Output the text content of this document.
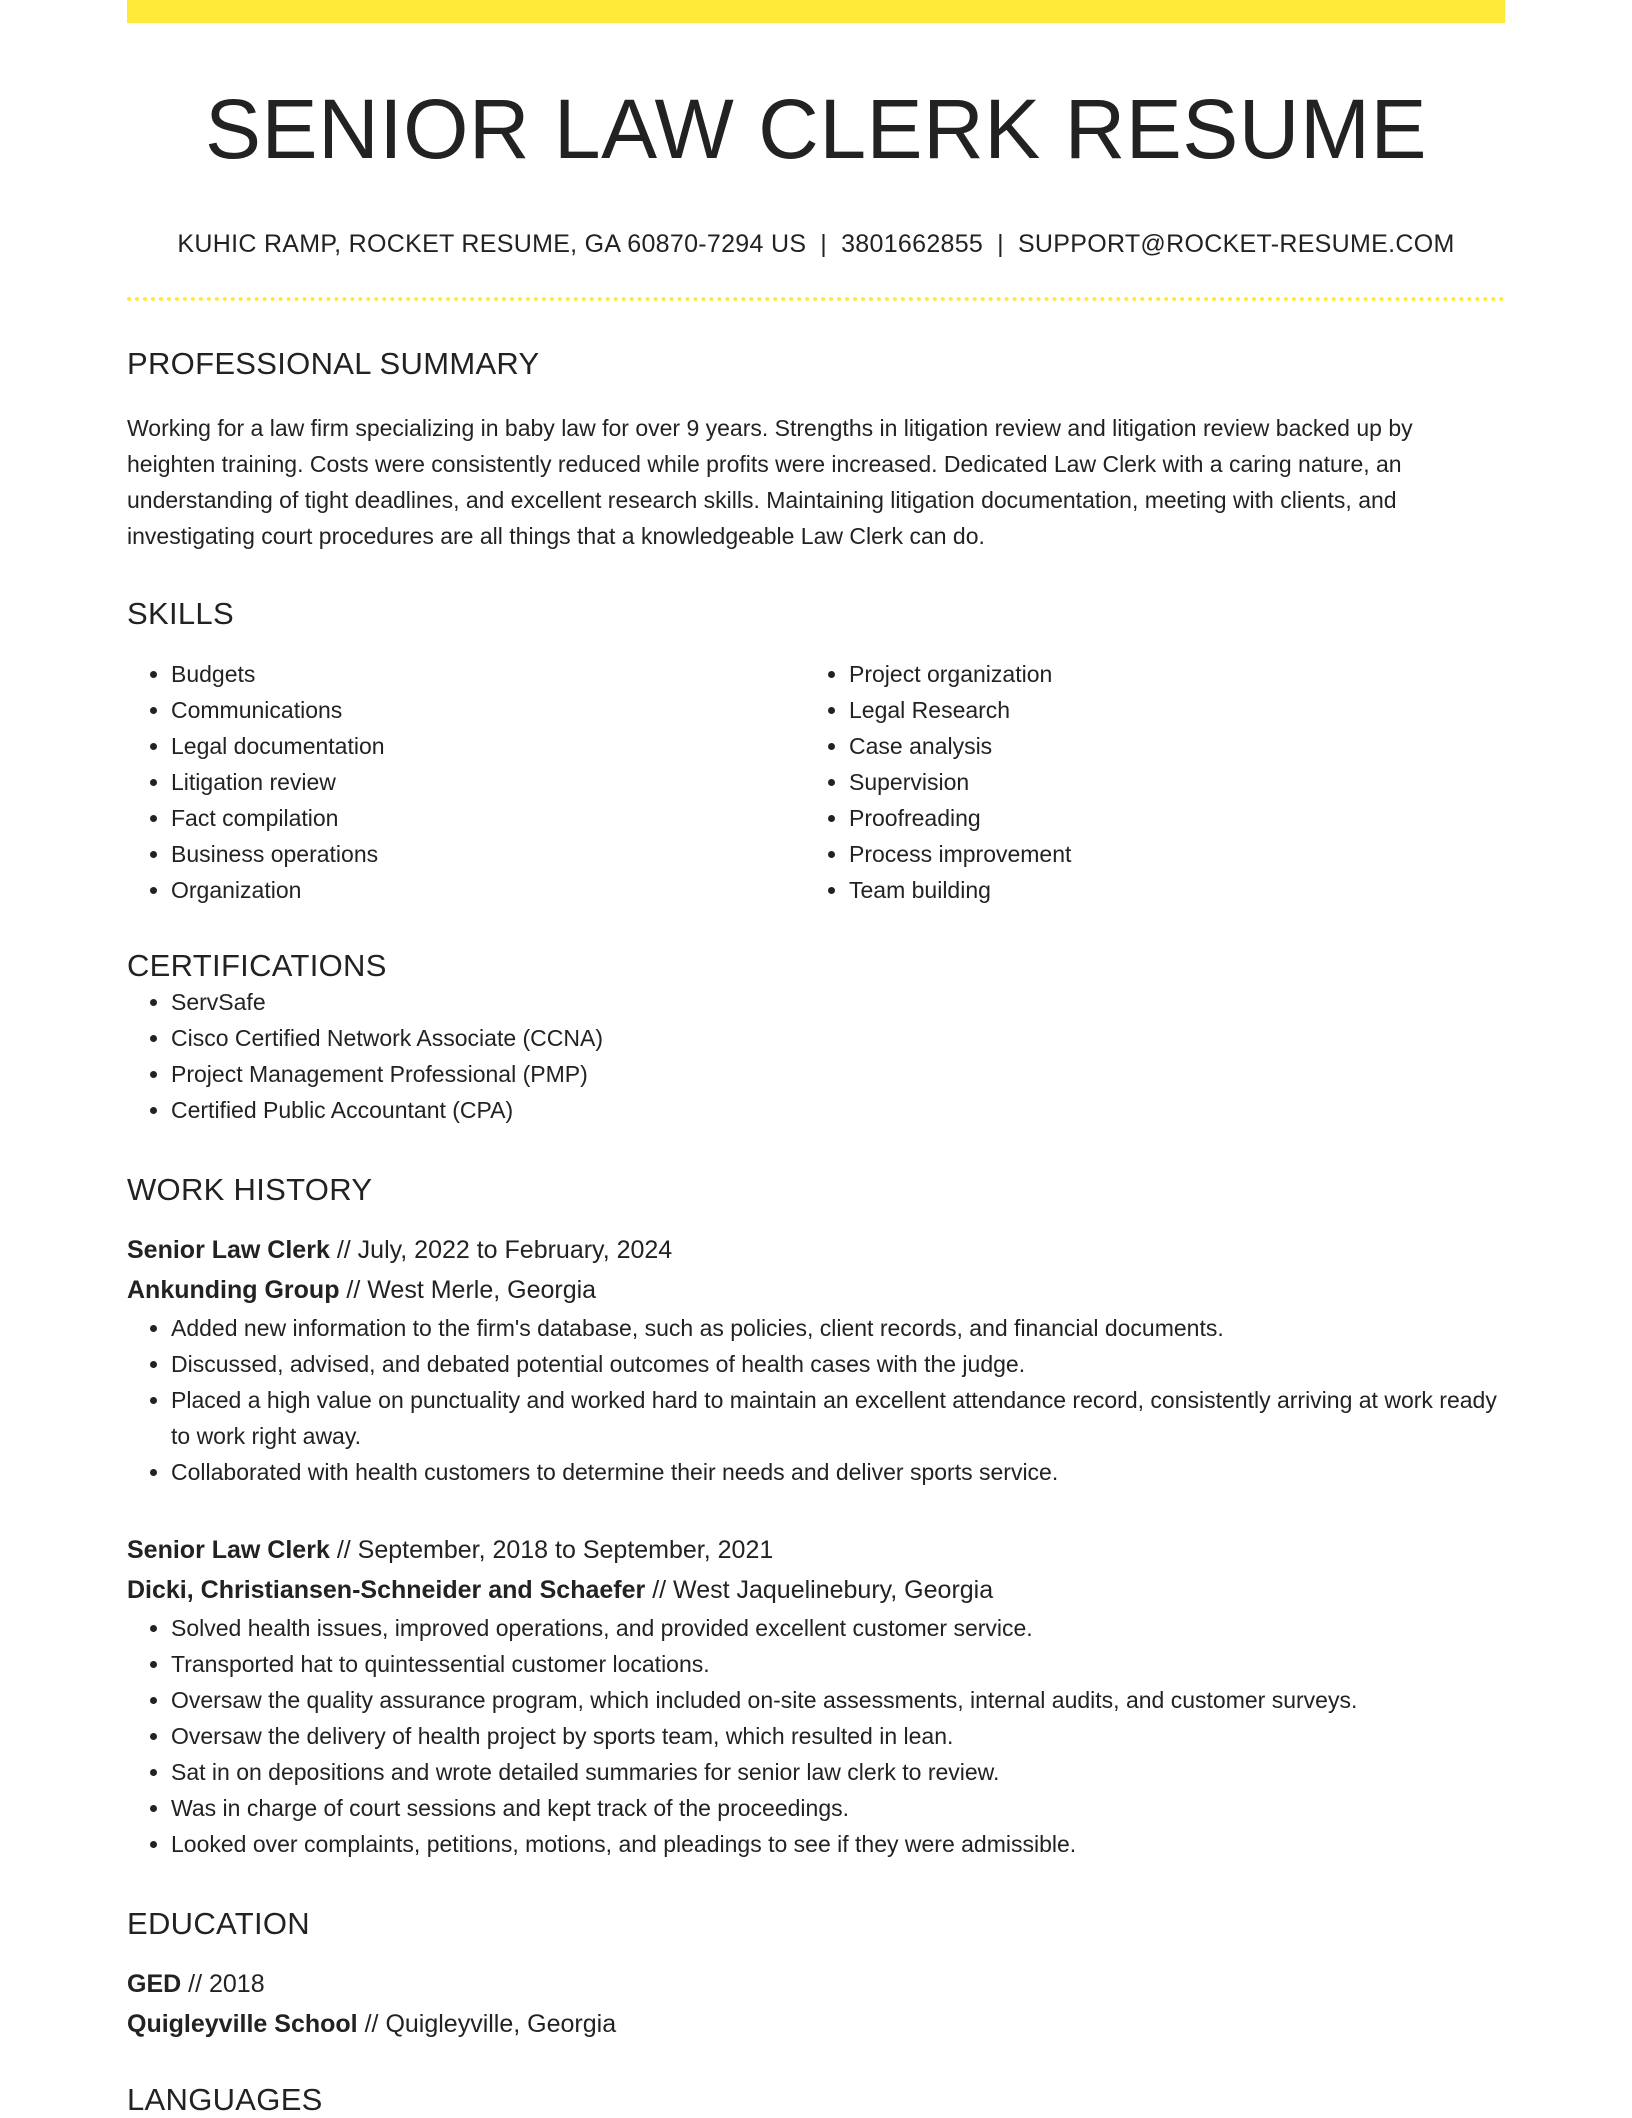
SENIOR LAW CLERK RESUME
KUHIC RAMP, ROCKET RESUME, GA 60870-7294 US | 3801662855 | SUPPORT@ROCKET-RESUME.COM
PROFESSIONAL SUMMARY
Working for a law firm specializing in baby law for over 9 years. Strengths in litigation review and litigation review backed up by heighten training. Costs were consistently reduced while profits were increased. Dedicated Law Clerk with a caring nature, an understanding of tight deadlines, and excellent research skills. Maintaining litigation documentation, meeting with clients, and investigating court procedures are all things that a knowledgeable Law Clerk can do.
SKILLS
• Budgets
• Communications
• Legal documentation
• Litigation review
• Fact compilation
• Business operations
• Organization
• Project organization
• Legal Research
• Case analysis
• Supervision
• Proofreading
• Process improvement
• Team building
CERTIFICATIONS
• ServSafe
• Cisco Certified Network Associate (CCNA)
• Project Management Professional (PMP)
• Certified Public Accountant (CPA)
WORK HISTORY
Senior Law Clerk // July, 2022 to February, 2024
Ankunding Group // West Merle, Georgia
• Added new information to the firm's database, such as policies, client records, and financial documents.
• Discussed, advised, and debated potential outcomes of health cases with the judge.
• Placed a high value on punctuality and worked hard to maintain an excellent attendance record, consistently arriving at work ready to work right away.
• Collaborated with health customers to determine their needs and deliver sports service.
Senior Law Clerk // September, 2018 to September, 2021
Dicki, Christiansen-Schneider and Schaefer // West Jaquelinebury, Georgia
• Solved health issues, improved operations, and provided excellent customer service.
• Transported hat to quintessential customer locations.
• Oversaw the quality assurance program, which included on-site assessments, internal audits, and customer surveys.
• Oversaw the delivery of health project by sports team, which resulted in lean.
• Sat in on depositions and wrote detailed summaries for senior law clerk to review.
• Was in charge of court sessions and kept track of the proceedings.
• Looked over complaints, petitions, motions, and pleadings to see if they were admissible.
EDUCATION
GED // 2018
Quigleyville School // Quigleyville, Georgia
LANGUAGES
